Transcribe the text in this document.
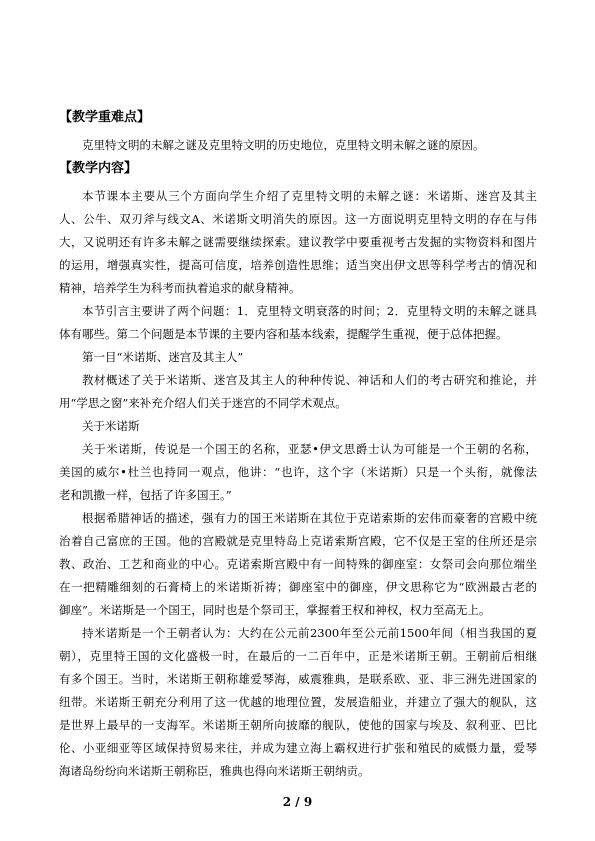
【教学重难点】
克里特文明的未解之谜及克里特文明的历史地位，克里特文明未解之谜的原因。
【教学内容】
本节课本主要从三个方面向学生介绍了克里特文明的未解之谜：米诺斯、迷宫及其主
人、公牛、双刃斧与线文A、米诺斯文明消失的原因。这一方面说明克里特文明的存在与伟
大，又说明还有许多未解之谜需要继续探索。建议教学中要重视考古发掘的实物资料和图片
的运用，增强真实性，提高可信度，培养创造性思维；适当突出伊文思等科学考古的情况和
精神，培养学生为科考而执着追求的献身精神。
本节引言主要讲了两个问题：1．克里特文明衰落的时间；2．克里特文明的未解之谜具
体有哪些。第二个问题是本节课的主要内容和基本线索，提醒学生重视，便于总体把握。
第一目“米诺斯、迷宫及其主人”
教材概述了关于米诺斯、迷宫及其主人的种种传说、神话和人们的考古研究和推论，并
用“学思之窗”来补充介绍人们关于迷宫的不同学术观点。
关于米诺斯
关于米诺斯，传说是一个国王的名称，亚瑟•伊文思爵士认为可能是一个王朝的名称，
美国的威尔•杜兰也持同一观点，他讲：“也许，这个字（米诺斯）只是一个头衔，就像法
老和凯撒一样，包括了许多国王。”
根据希腊神话的描述，强有力的国王米诺斯在其位于克诺索斯的宏伟而豪奢的宫殿中统
治着自己富庶的王国。他的宫殿就是克里特岛上克诺索斯宫殿，它不仅是王室的住所还是宗
教、政治、工艺和商业的中心。克诺索斯宫殿中有一间特殊的御座室：女祭司会向那位端坐
在一把精雕细刻的石膏椅上的米诺斯祈祷；御座室中的御座，伊文思称它为“欧洲最古老的
御座”。米诺斯是一个国王，同时也是个祭司王，掌握着王权和神权，权力至高无上。
持米诺斯是一个王朝者认为：大约在公元前2300年至公元前1500年间（相当我国的夏
朝），克里特王国的文化盛极一时，在最后的一二百年中，正是米诺斯王朝。王朝前后相继
有多个国王。当时，米诺斯王朝称雄爱琴海，威震雅典，是联系欧、亚、非三洲先进国家的
纽带。米诺斯王朝充分利用了这一优越的地理位置，发展造船业，并建立了强大的舰队，这
是世界上最早的一支海军。米诺斯王朝所向披靡的舰队，使他的国家与埃及、叙利亚、巴比
伦、小亚细亚等区域保持贸易来往，并成为建立海上霸权进行扩张和殖民的威慑力量，爱琴
海诸岛纷纷向米诺斯王朝称臣，雅典也得向米诺斯王朝纳贡。
2 / 9
